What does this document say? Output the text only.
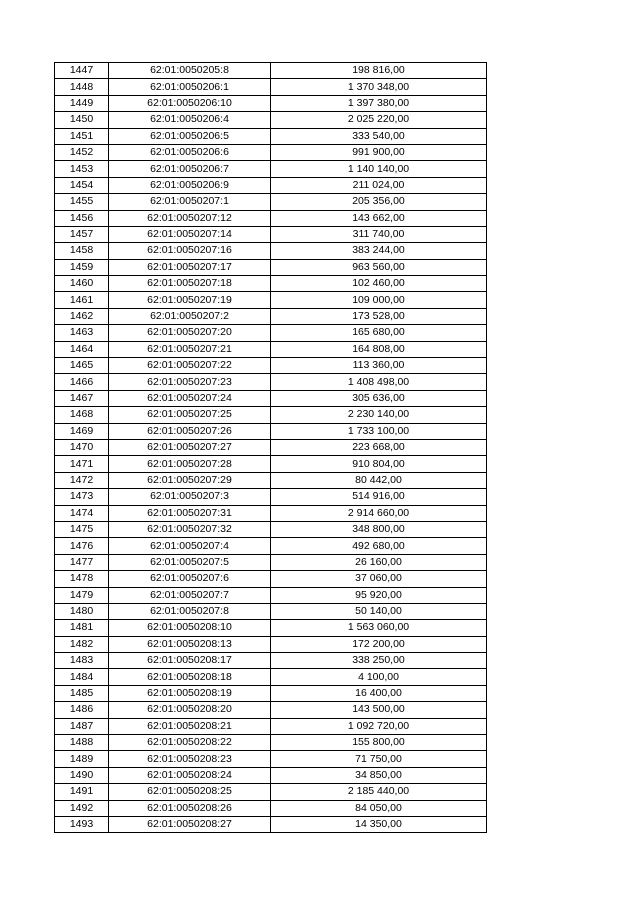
1447	62:01:0050205:8	198 816,00
1448	62:01:0050206:1	1 370 348,00
1449	62:01:0050206:10	1 397 380,00
1450	62:01:0050206:4	2 025 220,00
1451	62:01:0050206:5	333 540,00
1452	62:01:0050206:6	991 900,00
1453	62:01:0050206:7	1 140 140,00
1454	62:01:0050206:9	211 024,00
1455	62:01:0050207:1	205 356,00
1456	62:01:0050207:12	143 662,00
1457	62:01:0050207:14	311 740,00
1458	62:01:0050207:16	383 244,00
1459	62:01:0050207:17	963 560,00
1460	62:01:0050207:18	102 460,00
1461	62:01:0050207:19	109 000,00
1462	62:01:0050207:2	173 528,00
1463	62:01:0050207:20	165 680,00
1464	62:01:0050207:21	164 808,00
1465	62:01:0050207:22	113 360,00
1466	62:01:0050207:23	1 408 498,00
1467	62:01:0050207:24	305 636,00
1468	62:01:0050207:25	2 230 140,00
1469	62:01:0050207:26	1 733 100,00
1470	62:01:0050207:27	223 668,00
1471	62:01:0050207:28	910 804,00
1472	62:01:0050207:29	80 442,00
1473	62:01:0050207:3	514 916,00
1474	62:01:0050207:31	2 914 660,00
1475	62:01:0050207:32	348 800,00
1476	62:01:0050207:4	492 680,00
1477	62:01:0050207:5	26 160,00
1478	62:01:0050207:6	37 060,00
1479	62:01:0050207:7	95 920,00
1480	62:01:0050207:8	50 140,00
1481	62:01:0050208:10	1 563 060,00
1482	62:01:0050208:13	172 200,00
1483	62:01:0050208:17	338 250,00
1484	62:01:0050208:18	4 100,00
1485	62:01:0050208:19	16 400,00
1486	62:01:0050208:20	143 500,00
1487	62:01:0050208:21	1 092 720,00
1488	62:01:0050208:22	155 800,00
1489	62:01:0050208:23	71 750,00
1490	62:01:0050208:24	34 850,00
1491	62:01:0050208:25	2 185 440,00
1492	62:01:0050208:26	84 050,00
1493	62:01:0050208:27	14 350,00
